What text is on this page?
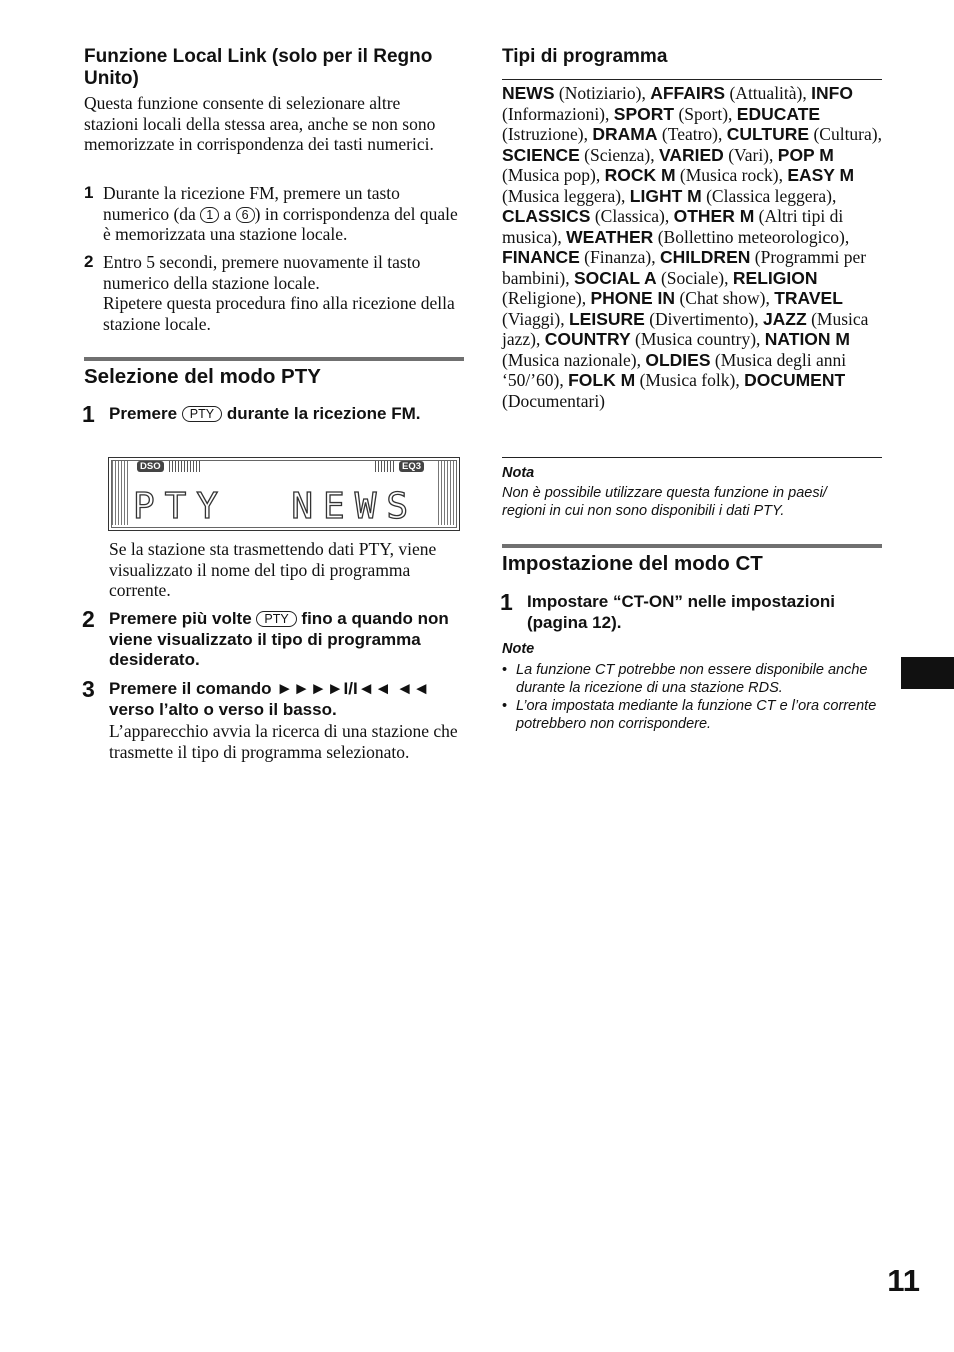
Funzione Local Link (solo per il Regno Unito)

Questa funzione consente di selezionare altre stazioni locali della stessa area, anche se non sono memorizzate in corrispondenza dei tasti numerici.

1 Durante la ricezione FM, premere un tasto numerico (da 1 a 6 ) in corrispondenza del quale è memorizzata una stazione locale.
2 Entro 5 secondi, premere nuovamente il tasto numerico della stazione locale.
Ripetere questa procedura fino alla ricezione della stazione locale.
Selezione del modo PTY
1 Premere PTY durante la ricezione FM.
DSO	EQ3
PTY  NEWS

Se la stazione sta trasmettendo dati PTY, viene visualizzato il nome del tipo di programma corrente.

2 Premere più volte PTY fino a quando non viene visualizzato il tipo di programma desiderato.
3 Premere il comando ►►►►I/I◄◄ ◄◄
verso l’alto o verso il basso.

L’apparecchio avvia la ricerca di una stazione che trasmette il tipo di programma selezionato.

Tipi di programma

NEWS (Notiziario), AFFAIRS (Attualità), INFO (Informazioni), SPORT (Sport), EDUCATE (Istruzione), DRAMA (Teatro), CULTURE (Cultura), SCIENCE (Scienza), VARIED (Vari), POP M (Musica pop), ROCK M (Musica rock), EASY M (Musica leggera), LIGHT M (Classica leggera), CLASSICS (Classica), OTHER M (Altri tipi di musica), WEATHER (Bollettino meteorologico), FINANCE (Finanza), CHILDREN (Programmi per bambini), SOCIAL A (Sociale), RELIGION (Religione), PHONE IN (Chat show), TRAVEL (Viaggi), LEISURE (Divertimento), JAZZ (Musica jazz), COUNTRY (Musica country), NATION M (Musica nazionale), OLDIES (Musica degli anni ‘50/’60), FOLK M (Musica folk), DOCUMENT (Documentari)

Nota

Non è possibile utilizzare questa funzione in paesi/ regioni in cui non sono disponibili i dati PTY.

Impostazione del modo CT
1 Impostare “CT-ON” nelle impostazioni (pagina 12).

Note

• La funzione CT potrebbe non essere disponibile anche durante la ricezione di una stazione RDS.
• L’ora impostata mediante la funzione CT e l’ora corrente potrebbero non corrispondere.
11
